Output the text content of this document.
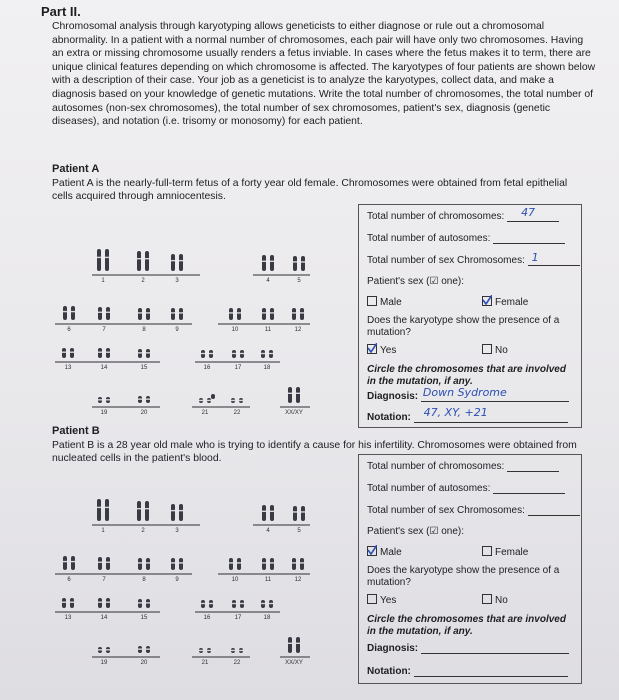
Part II.
Chromosomal analysis through karyotyping allows geneticists to either diagnose or rule out a chromosomal abnormality. In a patient with a normal number of chromosomes, each pair will have only two chromosomes. Having an extra or missing chromosome usually renders a fetus inviable. In cases where the fetus makes it to term, there are unique clinical features depending on which chromosome is affected. The karyotypes of four patients are shown below with a description of their case. Your job as a geneticist is to analyze the karyotypes, collect data, and make a diagnosis based on your knowledge of genetic mutations. Write the total number of chromosomes, the total number of autosomes (non-sex chromosomes), the total number of sex chromosomes, patient's sex, diagnosis (genetic diseases), and notation (i.e. trisomy or monosomy) for each patient.
Patient A
Patient A is the nearly-full-term fetus of a forty year old female. Chromosomes were obtained from fetal epithelial cells acquired through amniocentesis.
Total number of chromosomes: 47
Total number of autosomes:
Total number of sex Chromosomes: 1
Patient's sex (☑ one):
Male	Female
Does the karyotype show the presence of a mutation?
Yes	No
Circle the chromosomes that are involved in the mutation, if any.
Diagnosis: Down Sydrome
Notation: 47, XY, +21
Patient B
Patient B is a 28 year old male who is trying to identify a cause for his infertility. Chromosomes were obtained from nucleated cells in the patient's blood.
Total number of chromosomes:
Total number of autosomes:
Total number of sex Chromosomes:
Patient's sex (☑ one):
Male	Female
Does the karyotype show the presence of a mutation?
Yes	No
Circle the chromosomes that are involved in the mutation, if any.
Diagnosis:
Notation:
1	2	3	4	5
6	7	8	9	10	11	12
13	14	15	16	17	18
19	20	21	22	XX/XY
1	2	3	4	5
6	7	8	9	10	11	12
13	14	15	16	17	18
19	20	21	22	XX/XY
